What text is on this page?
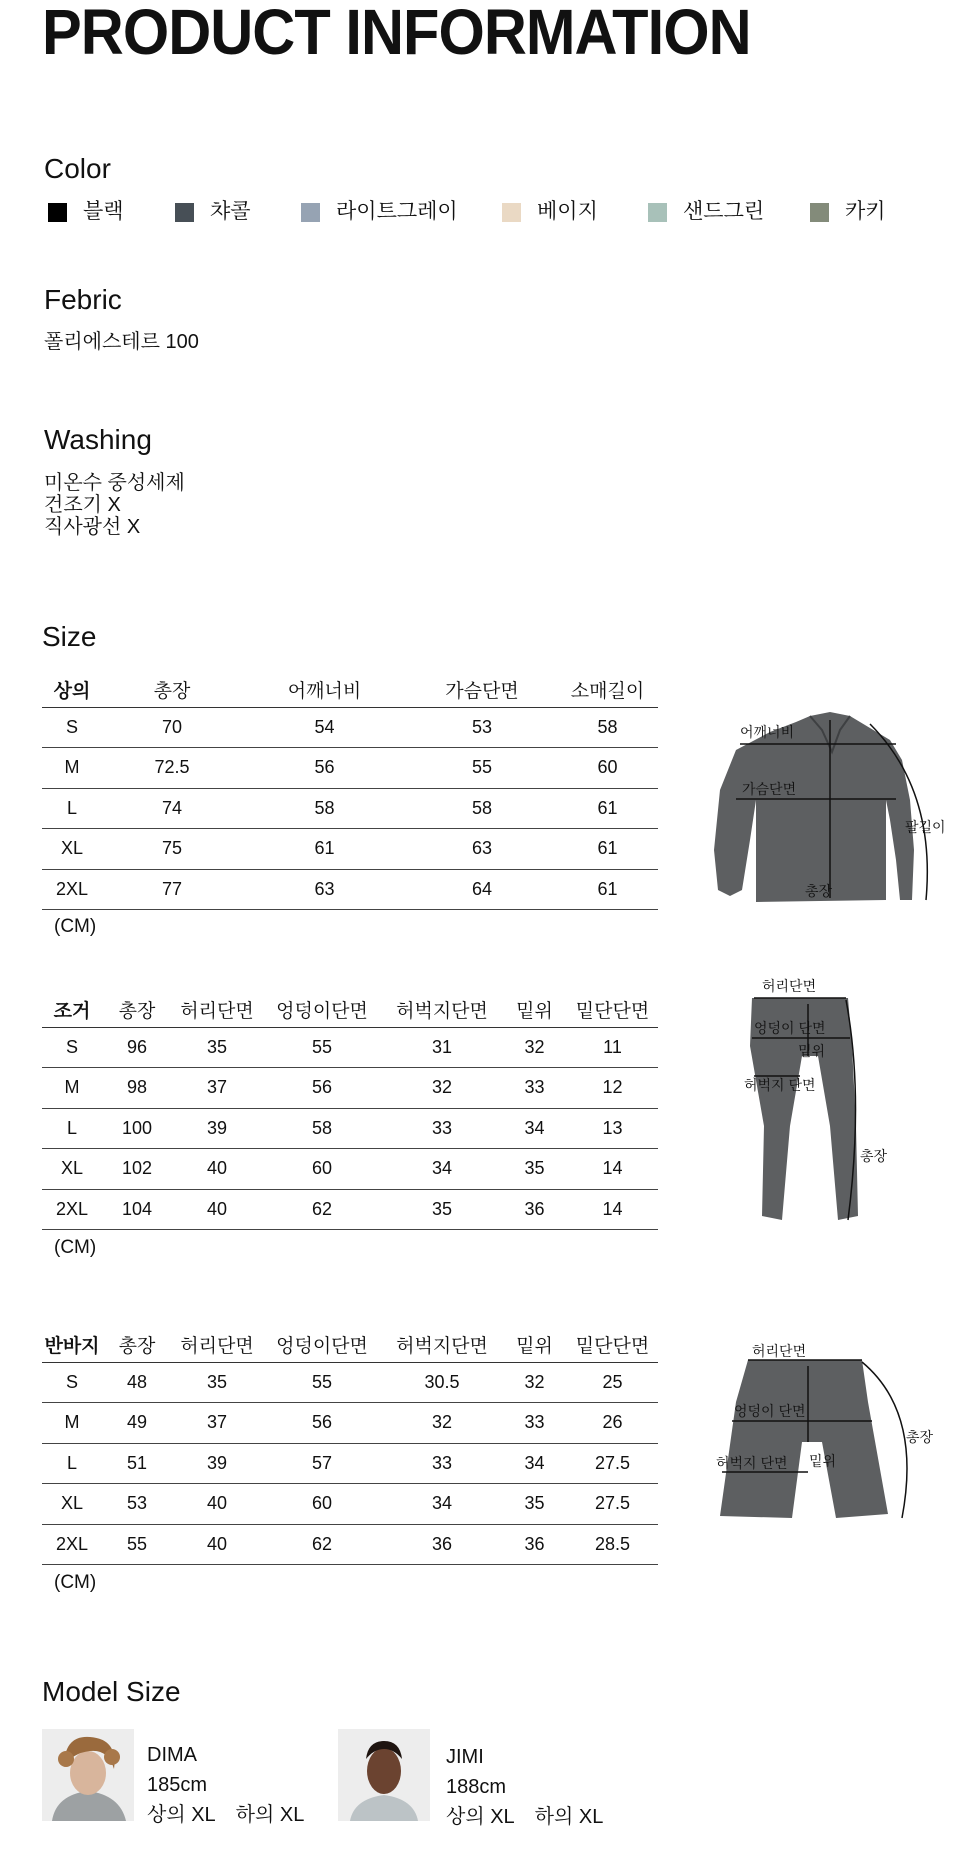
PRODUCT INFORMATION
Color
블랙	챠콜	라이트그레이	베이지	샌드그린	카키
Febric
폴리에스테르 100
Washing
미온수 중성세제
건조기 X
직사광선 X
Size
상의	총장	어깨너비	가슴단면	소매길이
S	70	54	53	58
M	72.5	56	55	60
L	74	58	58	61
XL	75	61	63	61
2XL	77	63	64	61
(CM)
어깨너비
가슴단면
팔길이
총장
조거	총장	허리단면	엉덩이단면	허벅지단면	밑위	밑단단면
S	96	35	55	31	32	11
M	98	37	56	32	33	12
L	100	39	58	33	34	13
XL	102	40	60	34	35	14
2XL	104	40	62	35	36	14
(CM)
허리단면
엉덩이 단면
밑위
허벅지 단면
총장
반바지	총장	허리단면	엉덩이단면	허벅지단면	밑위	밑단단면
S	48	35	55	30.5	32	25
M	49	37	56	32	33	26
L	51	39	57	33	34	27.5
XL	53	40	60	34	35	27.5
2XL	55	40	62	36	36	28.5
(CM)
허리단면
엉덩이 단면
허벅지 단면 밑위
총장
Model Size
DIMA
185cm
상의 XL 하의 XL
JIMI
188cm
상의 XL 하의 XL
